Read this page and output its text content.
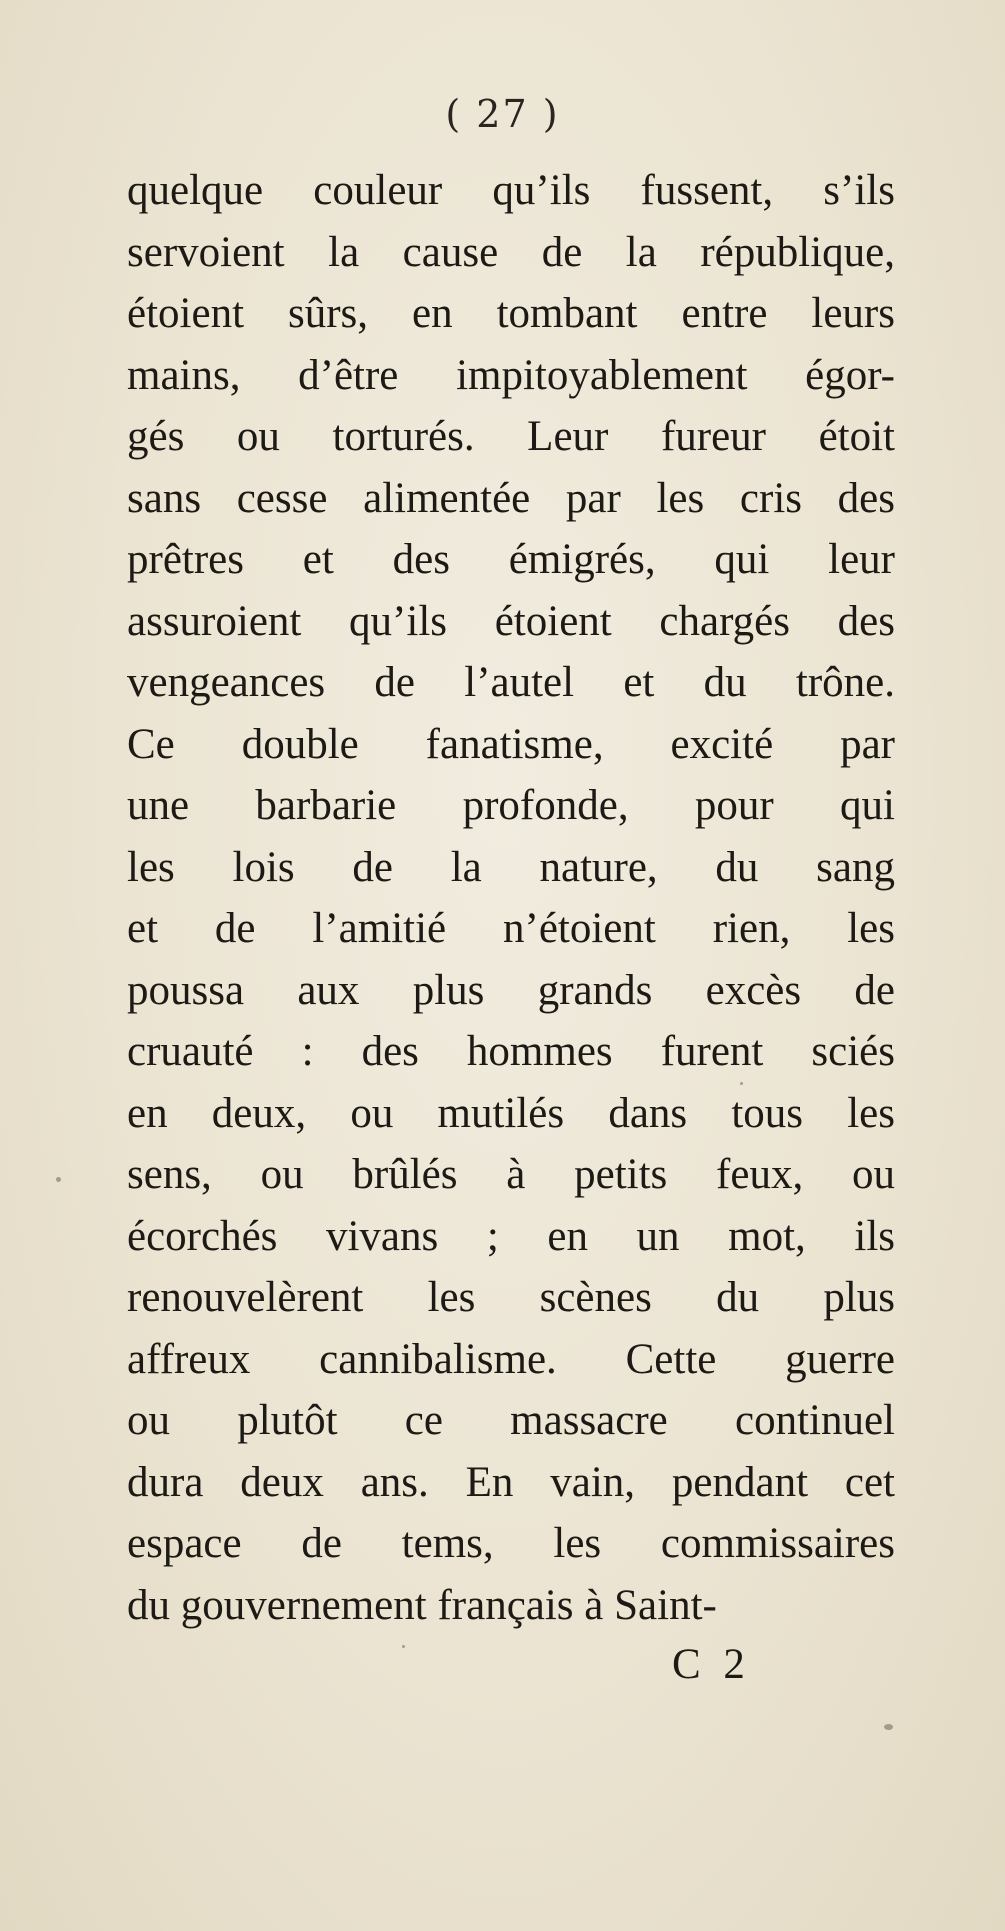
( 27 )
quelque couleur qu’ils fussent, s’ils
servoient la cause de la république,
étoient sûrs, en tombant entre leurs
mains, d’être impitoyablement égor-
gés ou torturés. Leur fureur étoit
sans cesse alimentée par les cris des
prêtres et des émigrés, qui leur
assuroient qu’ils étoient chargés des
vengeances de l’autel et du trône.
Ce double fanatisme, excité par
une barbarie profonde, pour qui
les lois de la nature, du sang
et de l’amitié n’étoient rien, les
poussa aux plus grands excès de
cruauté : des hommes furent sciés
en deux, ou mutilés dans tous les
sens, ou brûlés à petits feux, ou
écorchés vivans ; en un mot, ils
renouvelèrent les scènes du plus
affreux cannibalisme. Cette guerre
ou plutôt ce massacre continuel
dura deux ans. En vain, pendant cet
espace de tems, les commissaires
du gouvernement français à Saint-
C 2
